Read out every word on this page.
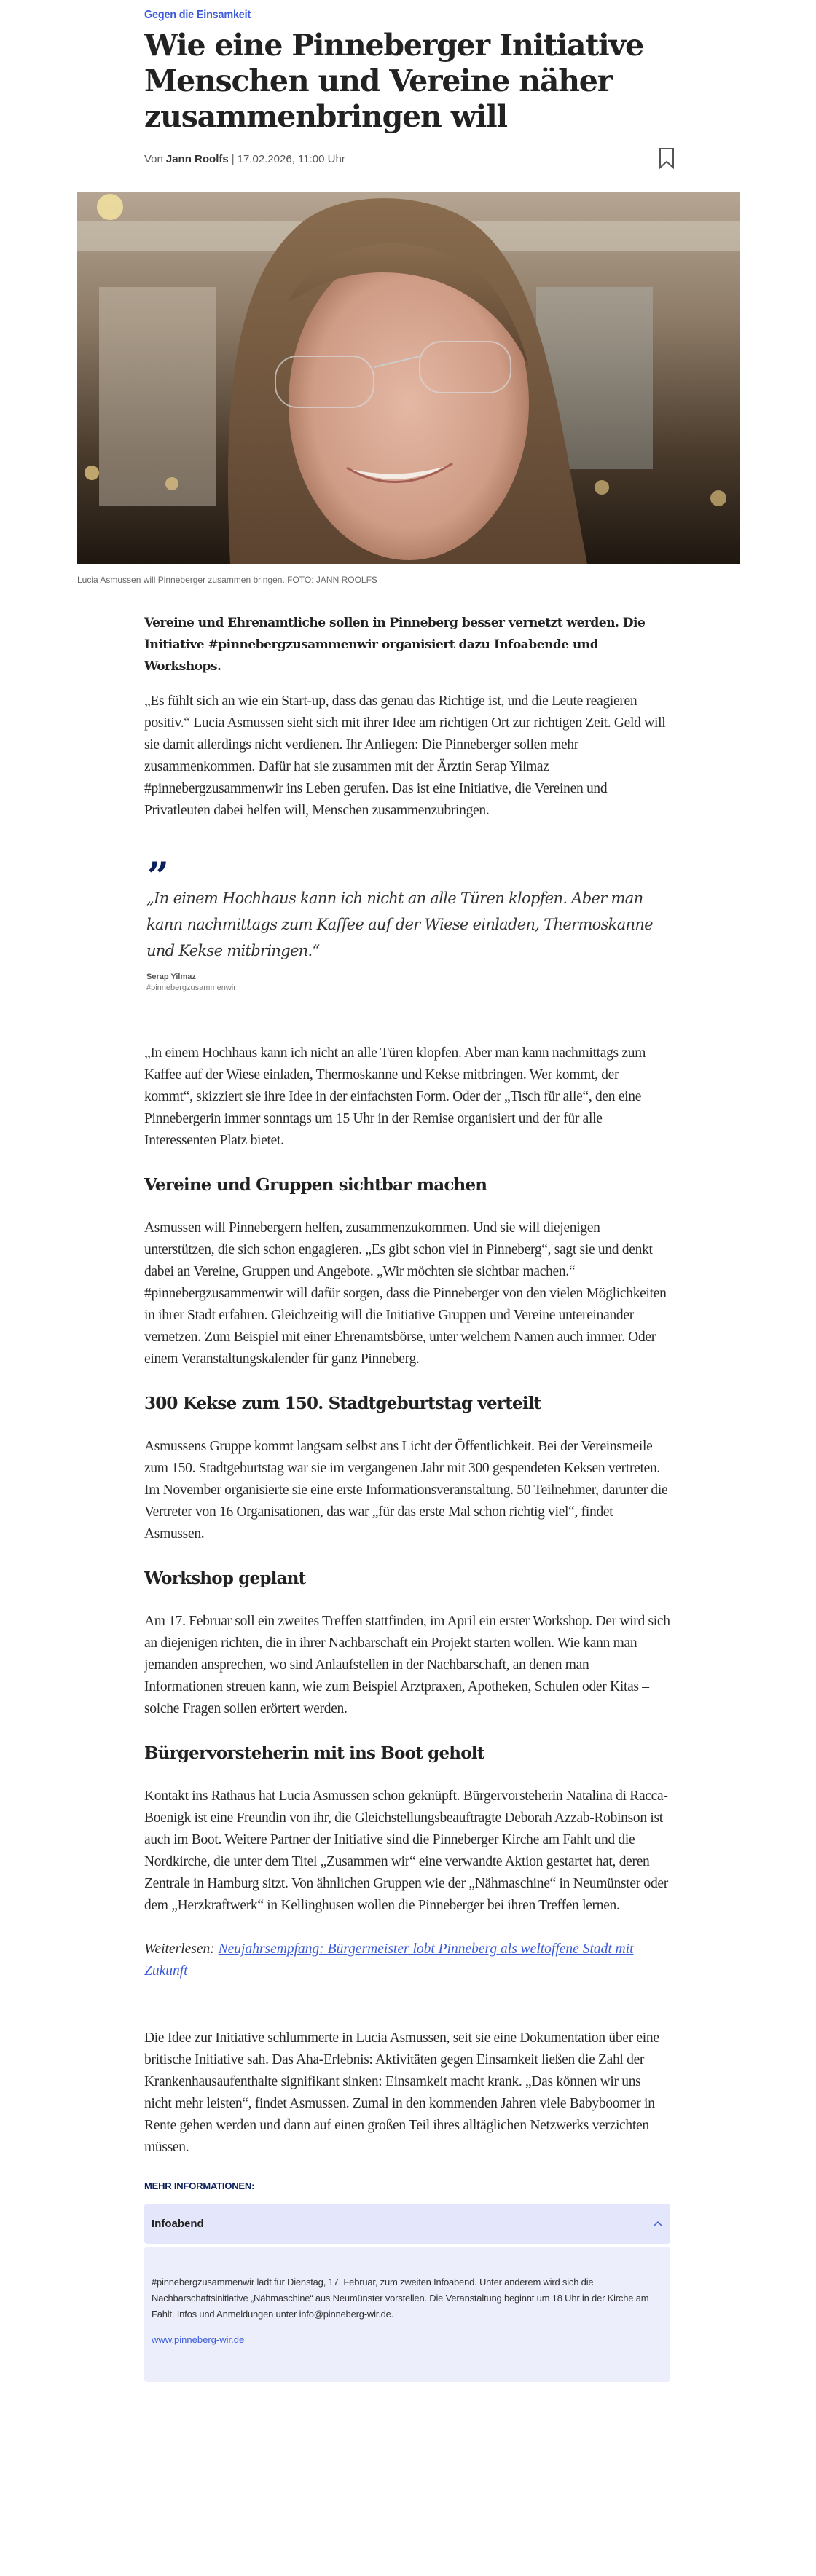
Gegen die Einsamkeit
Wie eine Pinneberger Initiative Menschen und Vereine näher zusammenbringen will
Von Jann Roolfs | 17.02.2026, 11:00 Uhr
Lucia Asmussen will Pinneberger zusammen bringen. FOTO: JANN ROOLFS

Vereine und Ehrenamtliche sollen in Pinneberg besser vernetzt werden. Die Initiative #pinnebergzusammenwir organisiert dazu Infoabende und Workshops.

„Es fühlt sich an wie ein Start-up, dass das genau das Richtige ist, und die Leute reagieren positiv.“ Lucia Asmussen sieht sich mit ihrer Idee am richtigen Ort zur richtigen Zeit. Geld will sie damit allerdings nicht verdienen. Ihr Anliegen: Die Pinneberger sollen mehr zusammenkommen. Dafür hat sie zusammen mit der Ärztin Serap Yilmaz #pinnebergzusammenwir ins Leben gerufen. Das ist eine Initiative, die Vereinen und Privatleuten dabei helfen will, Menschen zusammenzubringen.

”
„In einem Hochhaus kann ich nicht an alle Türen klopfen. Aber man kann nachmittags zum Kaffee auf der Wiese einladen, Thermoskanne und Kekse mitbringen.“
Serap Yilmaz
#pinnebergzusammenwir

„In einem Hochhaus kann ich nicht an alle Türen klopfen. Aber man kann nachmittags zum Kaffee auf der Wiese einladen, Thermoskanne und Kekse mitbringen. Wer kommt, der kommt“, skizziert sie ihre Idee in der einfachsten Form. Oder der „Tisch für alle“, den eine Pinnebergerin immer sonntags um 15 Uhr in der Remise organisiert und der für alle Interessenten Platz bietet.

Vereine und Gruppen sichtbar machen

Asmussen will Pinnebergern helfen, zusammenzukommen. Und sie will diejenigen unterstützen, die sich schon engagieren. „Es gibt schon viel in Pinneberg“, sagt sie und denkt dabei an Vereine, Gruppen und Angebote. „Wir möchten sie sichtbar machen.“ #pinnebergzusammenwir will dafür sorgen, dass die Pinneberger von den vielen Möglichkeiten in ihrer Stadt erfahren. Gleichzeitig will die Initiative Gruppen und Vereine untereinander vernetzen. Zum Beispiel mit einer Ehrenamtsbörse, unter welchem Namen auch immer. Oder einem Veranstaltungskalender für ganz Pinneberg.

300 Kekse zum 150. Stadtgeburtstag verteilt

Asmussens Gruppe kommt langsam selbst ans Licht der Öffentlichkeit. Bei der Vereinsmeile zum 150. Stadtgeburtstag war sie im vergangenen Jahr mit 300 gespendeten Keksen vertreten. Im November organisierte sie eine erste Informationsveranstaltung. 50 Teilnehmer, darunter die Vertreter von 16 Organisationen, das war „für das erste Mal schon richtig viel“, findet Asmussen.

Workshop geplant

Am 17. Februar soll ein zweites Treffen stattfinden, im April ein erster Workshop. Der wird sich an diejenigen richten, die in ihrer Nachbarschaft ein Projekt starten wollen. Wie kann man jemanden ansprechen, wo sind Anlaufstellen in der Nachbarschaft, an denen man Informationen streuen kann, wie zum Beispiel Arztpraxen, Apotheken, Schulen oder Kitas – solche Fragen sollen erörtert werden.

Bürgervorsteherin mit ins Boot geholt

Kontakt ins Rathaus hat Lucia Asmussen schon geknüpft. Bürgervorsteherin Natalina di Racca-Boenigk ist eine Freundin von ihr, die Gleichstellungsbeauftragte Deborah Azzab-Robinson ist auch im Boot. Weitere Partner der Initiative sind die Pinneberger Kirche am Fahlt und die Nordkirche, die unter dem Titel „Zusammen wir“ eine verwandte Aktion gestartet hat, deren Zentrale in Hamburg sitzt. Von ähnlichen Gruppen wie der „Nähmaschine“ in Neumünster oder dem „Herzkraftwerk“ in Kellinghusen wollen die Pinneberger bei ihren Treffen lernen.

Weiterlesen: Neujahrsempfang: Bürgermeister lobt Pinneberg als weltoffene Stadt mit Zukunft

Die Idee zur Initiative schlummerte in Lucia Asmussen, seit sie eine Dokumentation über eine britische Initiative sah. Das Aha-Erlebnis: Aktivitäten gegen Einsamkeit ließen die Zahl der Krankenhausaufenthalte signifikant sinken: Einsamkeit macht krank. „Das können wir uns nicht mehr leisten“, findet Asmussen. Zumal in den kommenden Jahren viele Babyboomer in Rente gehen werden und dann auf einen großen Teil ihres alltäglichen Netzwerks verzichten müssen.

MEHR INFORMATIONEN:
Infoabend

#pinnebergzusammenwir lädt für Dienstag, 17. Februar, zum zweiten Infoabend. Unter anderem wird sich die Nachbarschaftsinitiative „Nähmaschine“ aus Neumünster vorstellen. Die Veranstaltung beginnt um 18 Uhr in der Kirche am Fahlt. Infos und Anmeldungen unter info@pinneberg-wir.de.

www.pinneberg-wir.de
